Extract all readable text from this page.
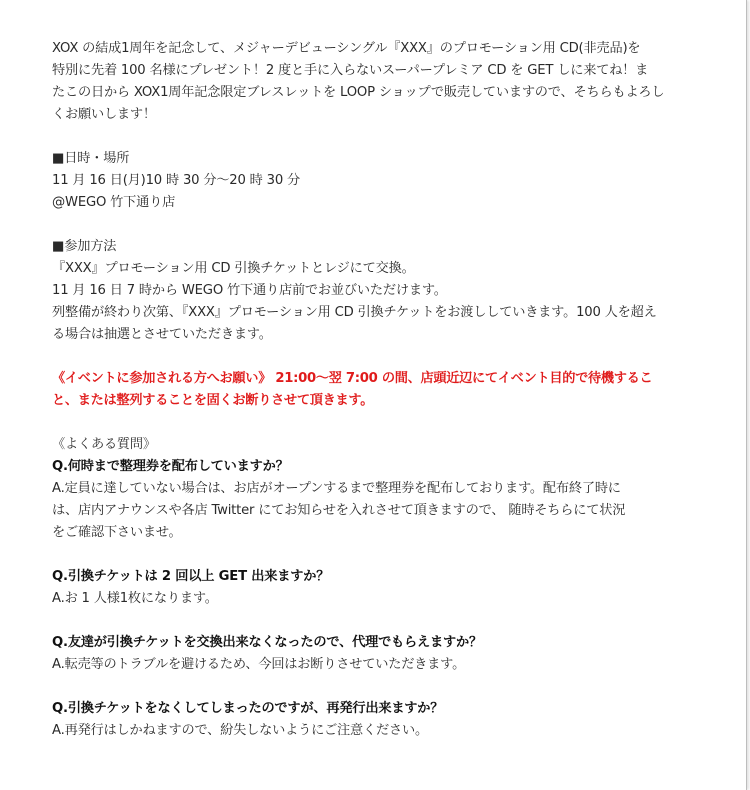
XOX の結成1周年を記念して、メジャーデビューシングル『XXX』のプロモーション用 CD(非売品)を
特別に先着 100 名様にプレゼント！2 度と手に入らないスーパープレミア CD を GET しに来てね！ま
たこの日から XOX1周年記念限定ブレスレットを LOOP ショップで販売していますので、そちらもよろし
くお願いします！
■日時・場所
11 月 16 日(月)10 時 30 分～20 時 30 分
@WEGO 竹下通り店
■参加方法
『XXX』プロモーション用 CD 引換チケットとレジにて交換。
11 月 16 日 7 時から WEGO 竹下通り店前でお並びいただけます。
列整備が終わり次第、『XXX』プロモーション用 CD 引換チケットをお渡ししていきます。100 人を超え
る場合は抽選とさせていただきます。
《イベントに参加される方へお願い》 21:00～翌 7:00 の間、店頭近辺にてイベント目的で待機するこ
と、または整列することを固くお断りさせて頂きます。
《よくある質問》
Q.何時まで整理券を配布していますか？
A.定員に達していない場合は、お店がオープンするまで整理券を配布しております。配布終了時に
は、店内アナウンスや各店 Twitter にてお知らせを入れさせて頂きますので、 随時そちらにて状況
をご確認下さいませ。
Q.引換チケットは 2 回以上 GET 出来ますか？
A.お 1 人様1枚になります。
Q.友達が引換チケットを交換出来なくなったので、代理でもらえますか？
A.転売等のトラブルを避けるため、今回はお断りさせていただきます。
Q.引換チケットをなくしてしまったのですが、再発行出来ますか？
A.再発行はしかねますので、紛失しないようにご注意ください。
